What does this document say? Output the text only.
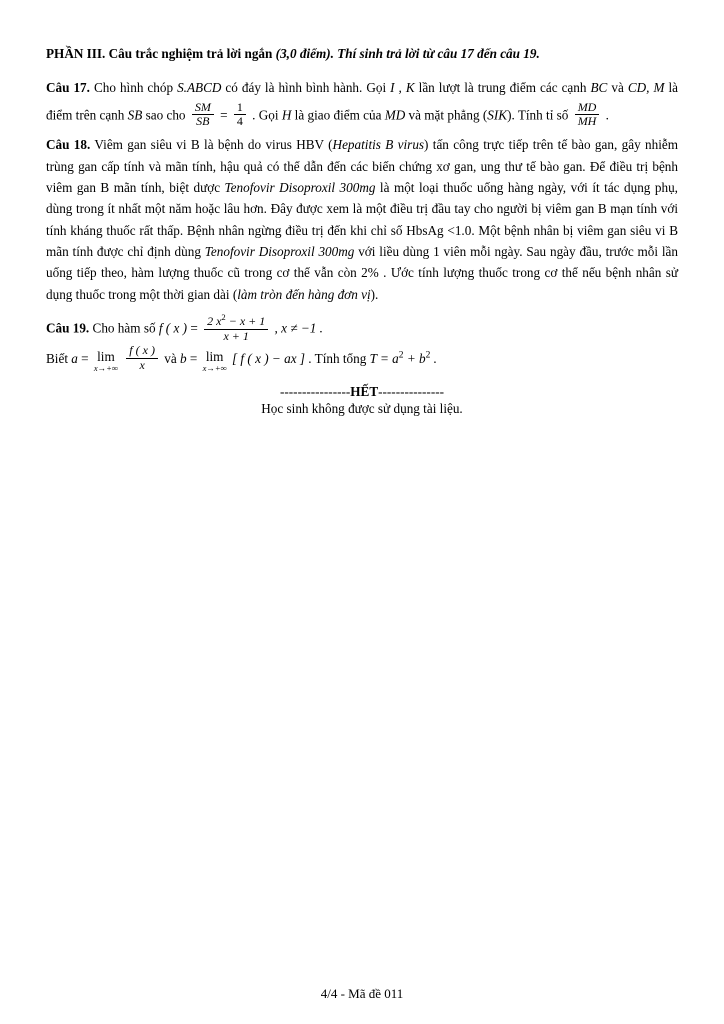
PHẦN III. Câu trắc nghiệm trả lời ngắn (3,0 điểm). Thí sinh trả lời từ câu 17 đến câu 19.
Câu 17. Cho hình chóp S.ABCD có đáy là hình bình hành. Gọi I , K lần lượt là trung điểm các cạnh BC và CD, M là điểm trên cạnh SB sao cho $\frac{SM}{SB} = \frac{1}{4}$ . Gọi H là giao điểm của MD và mặt phẳng (SIK). Tính tỉ số $\frac{MD}{MH}$ .
Câu 18. Viêm gan siêu vi B là bệnh do virus HBV (Hepatitis B virus) tấn công trực tiếp trên tế bào gan, gây nhiễm trùng gan cấp tính và mãn tính, hậu quả có thể dẫn đến các biến chứng xơ gan, ung thư tế bào gan. Để điều trị bệnh viêm gan B mãn tính, biệt dược Tenofovir Disoproxil 300mg là một loại thuốc uống hàng ngày, với ít tác dụng phụ, dùng trong ít nhất một năm hoặc lâu hơn. Đây được xem là một điều trị đầu tay cho người bị viêm gan B mạn tính với tính kháng thuốc rất thấp. Bệnh nhân ngừng điều trị đến khi chỉ số HbsAg <1.0. Một bệnh nhân bị viêm gan siêu vi B mãn tính được chỉ định dùng Tenofovir Disoproxil 300mg với liều dùng 1 viên mỗi ngày. Sau ngày đầu, trước mỗi lần uống tiếp theo, hàm lượng thuốc cũ trong cơ thể vẫn còn 2% . Ước tính lượng thuốc trong cơ thể nếu bệnh nhân sử dụng thuốc trong một thời gian dài (làm tròn đến hàng đơn vị).
Câu 19. Cho hàm số f ( x ) = $\frac{2 x^2 - x + 1}{x + 1}$ , x ≠ −1 .
Biết a = lim
x→+∞
$\frac{f ( x )}{x}$ và b = lim
x→+∞
[ f ( x ) − ax ] . Tính tổng $T = a^2 + b^2$ .
----------------HẾT---------------
Học sinh không được sử dụng tài liệu.
4/4 - Mã đề 011
